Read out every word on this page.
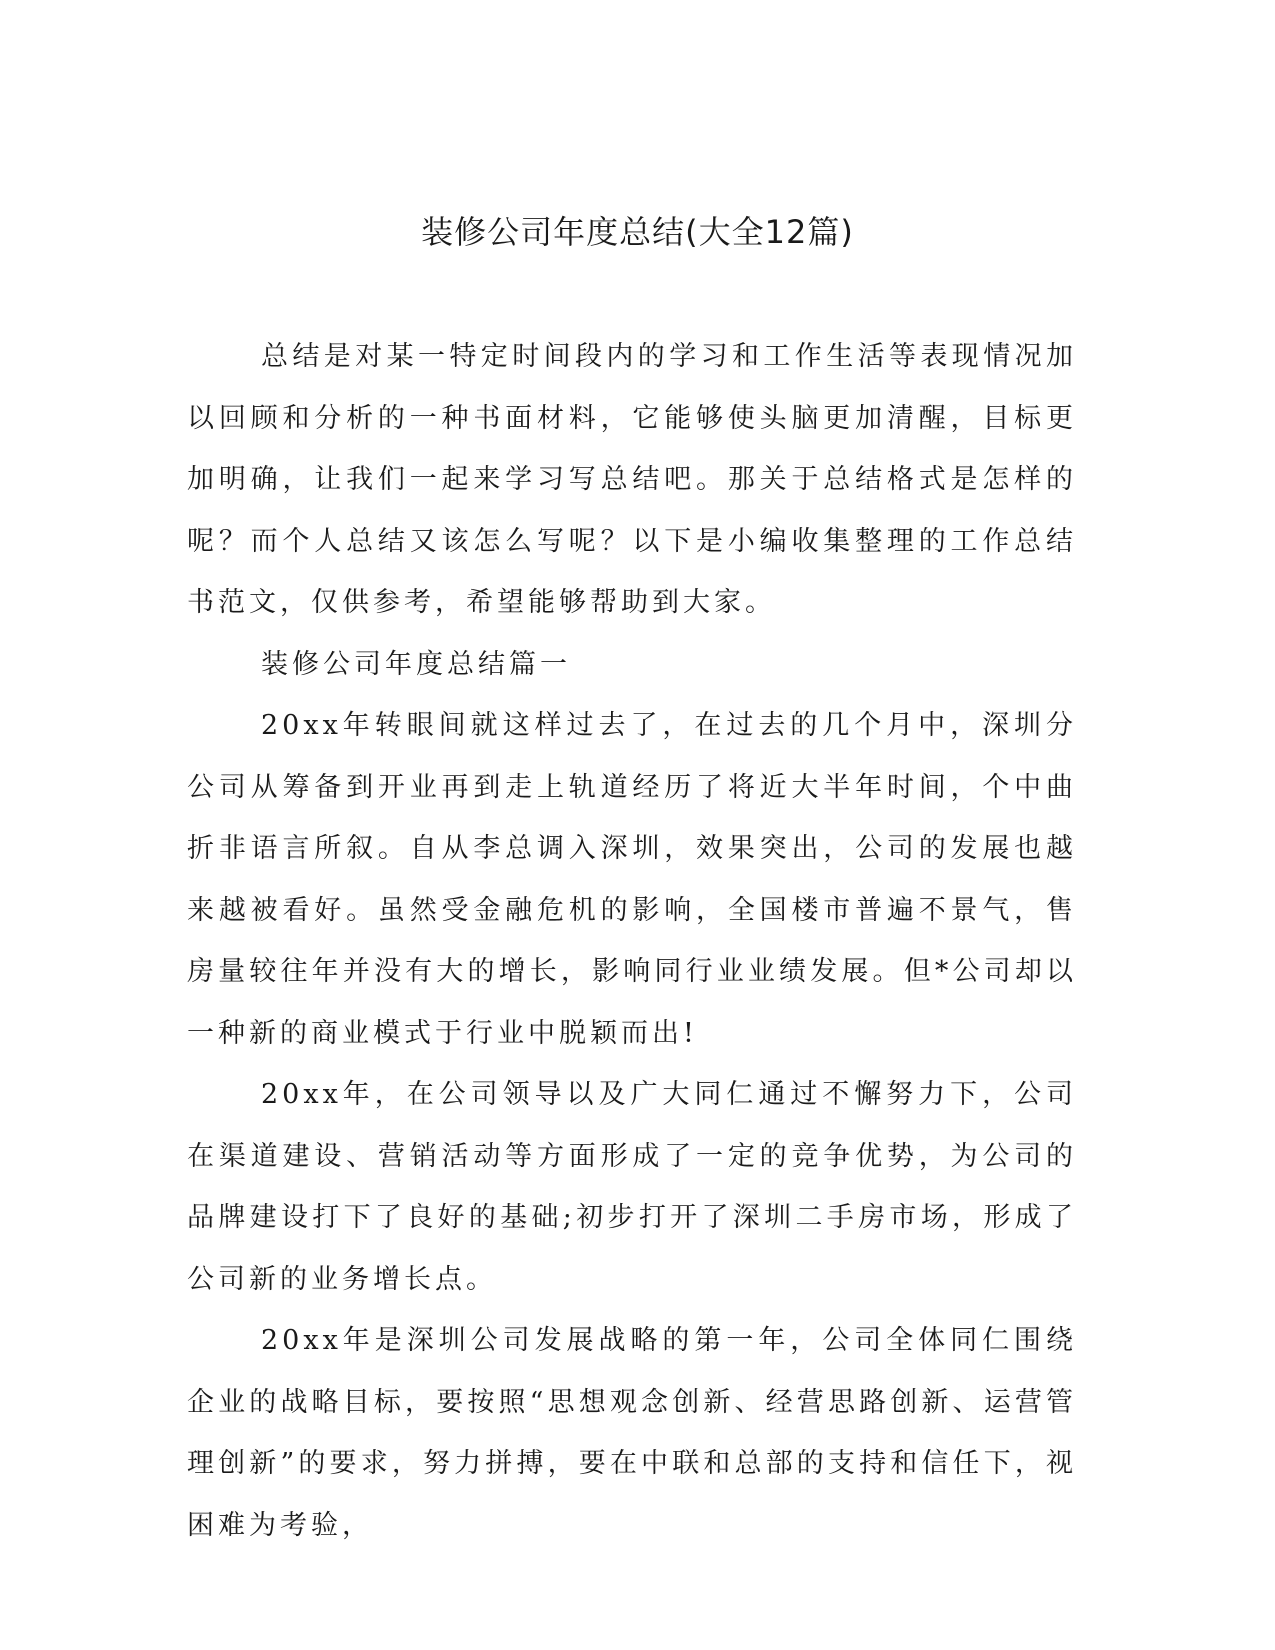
装修公司年度总结(大全12篇)

总结是对某一特定时间段内的学习和工作生活等表现情况加以回顾和分析的一种书面材料，它能够使头脑更加清醒，目标更加明确，让我们一起来学习写总结吧。那关于总结格式是怎样的呢？而个人总结又该怎么写呢？以下是小编收集整理的工作总结书范文，仅供参考，希望能够帮助到大家。

装修公司年度总结篇一

20xx年转眼间就这样过去了，在过去的几个月中，深圳分公司从筹备到开业再到走上轨道经历了将近大半年时间，个中曲折非语言所叙。自从李总调入深圳，效果突出，公司的发展也越来越被看好。虽然受金融危机的影响，全国楼市普遍不景气，售房量较往年并没有大的增长，影响同行业业绩发展。但*公司却以一种新的商业模式于行业中脱颖而出!

20xx年，在公司领导以及广大同仁通过不懈努力下，公司在渠道建设、营销活动等方面形成了一定的竞争优势，为公司的品牌建设打下了良好的基础;初步打开了深圳二手房市场，形成了公司新的业务增长点。

20xx年是深圳公司发展战略的第一年，公司全体同仁围绕企业的战略目标，要按照“思想观念创新、经营思路创新、运营管理创新”的要求，努力拼搏，要在中联和总部的支持和信任下，视困难为考验，
